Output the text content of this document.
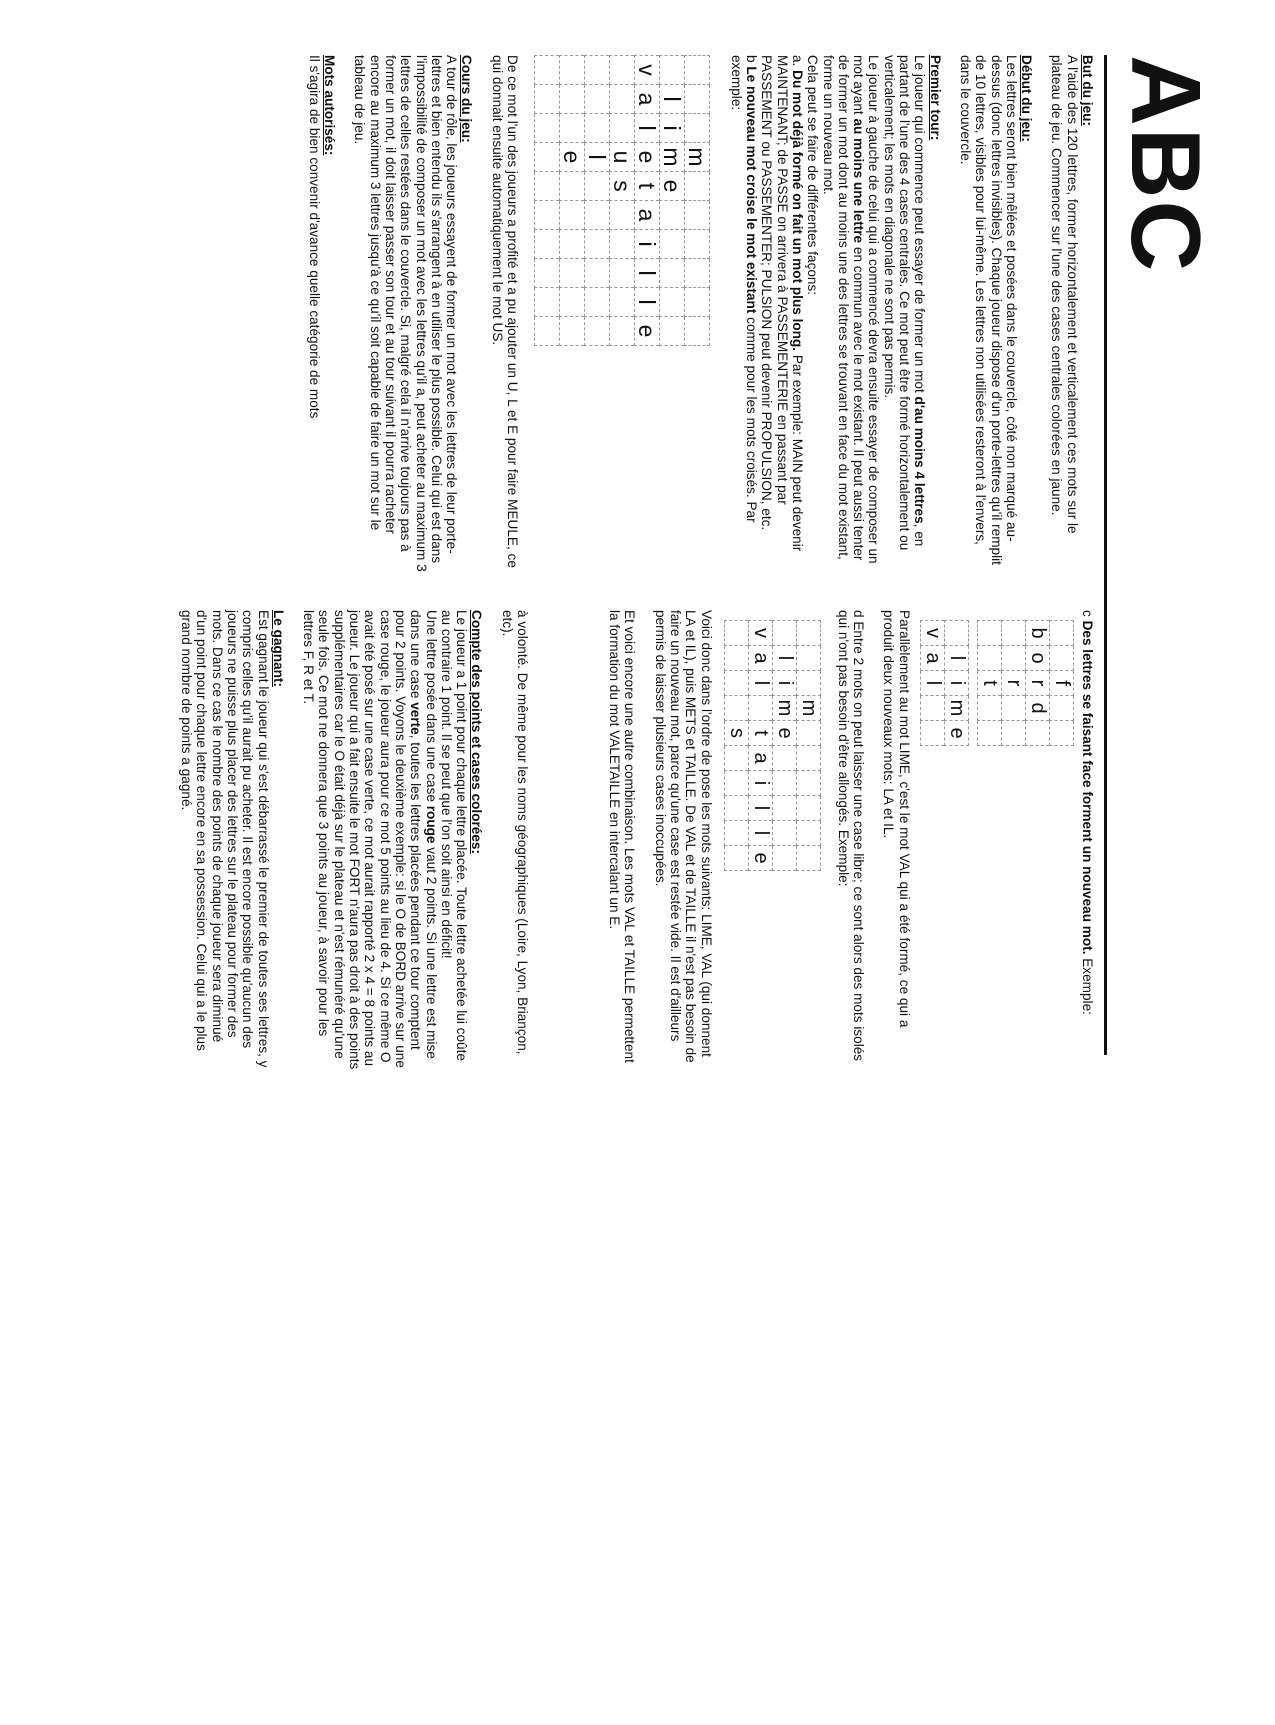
ABC

But du jeu:
A l'aide des 120 lettres, former horizontalement et verticalement ces mots sur le plateau de jeu. Commencer sur l'une des cases centrales colorées en jaune.

Début du jeu:
Les lettres seront bien mêlées et posées dans le couvercle, côté non marqué au-dessus (donc lettres invisibles). Chaque joueur dispose d'un porte-lettres qu'il remplit de 10 lettres, visibles pour lui-même. Les lettres non utilisées resteront à l'envers, dans le couvercle.

Premier tour:
Le joueur qui commence peut essayer de former un mot d'au moins 4 lettres, en partant de l'une des 4 cases centrales. Ce mot peut être formé horizontalement ou verticalement; les mots en diagonale ne sont pas permis.
Le joueur à gauche de celui qui a commencé devra ensuite essayer de composer un mot ayant au moins une lettre en commun avec le mot existant. Il peut aussi tenter de former un mot dont au moins une des lettres se trouvant en face du mot existant, forme un nouveau mot.
Cela peut se faire de différentes façons:
a. Du mot déjà formé on fait un mot plus long. Par exemple: MAIN peut devenir MAINTENANT; de PASSE on arrivera à PASSEMENTERIE en passant par PASSEMENT ou PASSEMENTER; PULSION peut devenir PROPULSION, etc.
b Le nouveau mot croise le mot existant comme pour les mots croisés. Par exemple:

			m						
	l	i	m	e					
v	a	l	e	t	a	i	l	l	e
			u	s					
			l						
			e						

De ce mot l'un des joueurs a profité et a pu ajouter un U, L et E pour faire MEULE, ce qui donnait ensuite automatiquement le mot US.

Cours du jeu:
A tour de rôle, les joueurs essayent de former un mot avec les lettres de leur porte-lettres et bien entendu ils s'arrangent à en utiliser le plus possible. Celui qui est dans l'impossibilité de composer un mot avec les lettres qu'il a, peut acheter au maximum 3 lettres de celles restées dans le couvercle. Si, malgré cela il n'arrive toujours pas à former un mot, il doit laisser passer son tour et au tour suivant il pourra racheter encore au maximum 3 lettres jusqu'à ce qu'il soit capable de faire un mot sur le tableau de jeu.

Mots autorisés:
Il s'agira de bien convenir d'avance quelle catégorie de mots

c Des lettres se faisant face forment un nouveau mot. Exemple:

		f		
b	o	r	d	
		r		
		t		
	l	i	m	e
v	a	l		

Parallèlement au mot LIME, c'est le mot VAL qui a été formé, ce qui a produit deux nouveaux mots: LA et IL.

d Entre 2 mots on peut laisser une case libre; ce sont alors des mots isolés qui n'ont pas besoin d'être allongés. Exemple:

			m						
	l	i	m	e					
v	a	l		t	a	i	l	l	e
				s					

Voici donc dans l'ordre de pose les mots suivants: LIME, VAL (qui donnent LA et IL), puis METS et TAILLE. De VAL et de TAILLE il n'est pas besoin de faire un nouveau mot, parce qu'une case est restée vide. Il est d'ailleurs permis de laisser plusieurs cases inoccupées.

Et voici encore une autre combinaison. Les mots VAL et TAILLE permettent la formation du mot VALETAILLE en intercalant un E.

à volonté. De même pour les noms géographiques (Loire, Lyon, Briançon, etc).

Compte des points et cases colorées:
Le joueur a 1 point pour chaque lettre placée. Toute lettre achetée lui coûte au contraire 1 point. Il se peut que l'on soit ainsi en déficit!
Une lettre posée dans une case rouge vaut 2 points. Si une lettre est mise dans une case verte, toutes les lettres placées pendant ce tour comptent pour 2 points. Voyons le deuxième exemple: si le O de BORD arrive sur une case rouge, le joueur aura pour ce mot 5 points au lieu de 4. Si ce même O avait été posé sur une case verte, ce mot aurait rapporté 2 x 4 = 8 points au joueur. Le joueur qui a fait ensuite le mot FORT n'aura pas droit à des points supplémentaires car le O était déjà sur le plateau et n'est rémunéré qu'une seule fois. Ce mot ne donnera que 3 points au joueur, à savoir pour les lettres F, R et T.

Le gagnant:
Est gagnant le joueur qui s'est débarrassé le premier de toutes ses lettres, y compris celles qu'il aurait pu acheter. Il est encore possible qu'aucun des joueurs ne puisse plus placer des lettres sur le plateau pour former des mots. Dans ce cas le nombre des points de chaque joueur sera diminué d'un point pour chaque lettre encore en sa possession. Celui qui a le plus grand nombre de points a gagné.
